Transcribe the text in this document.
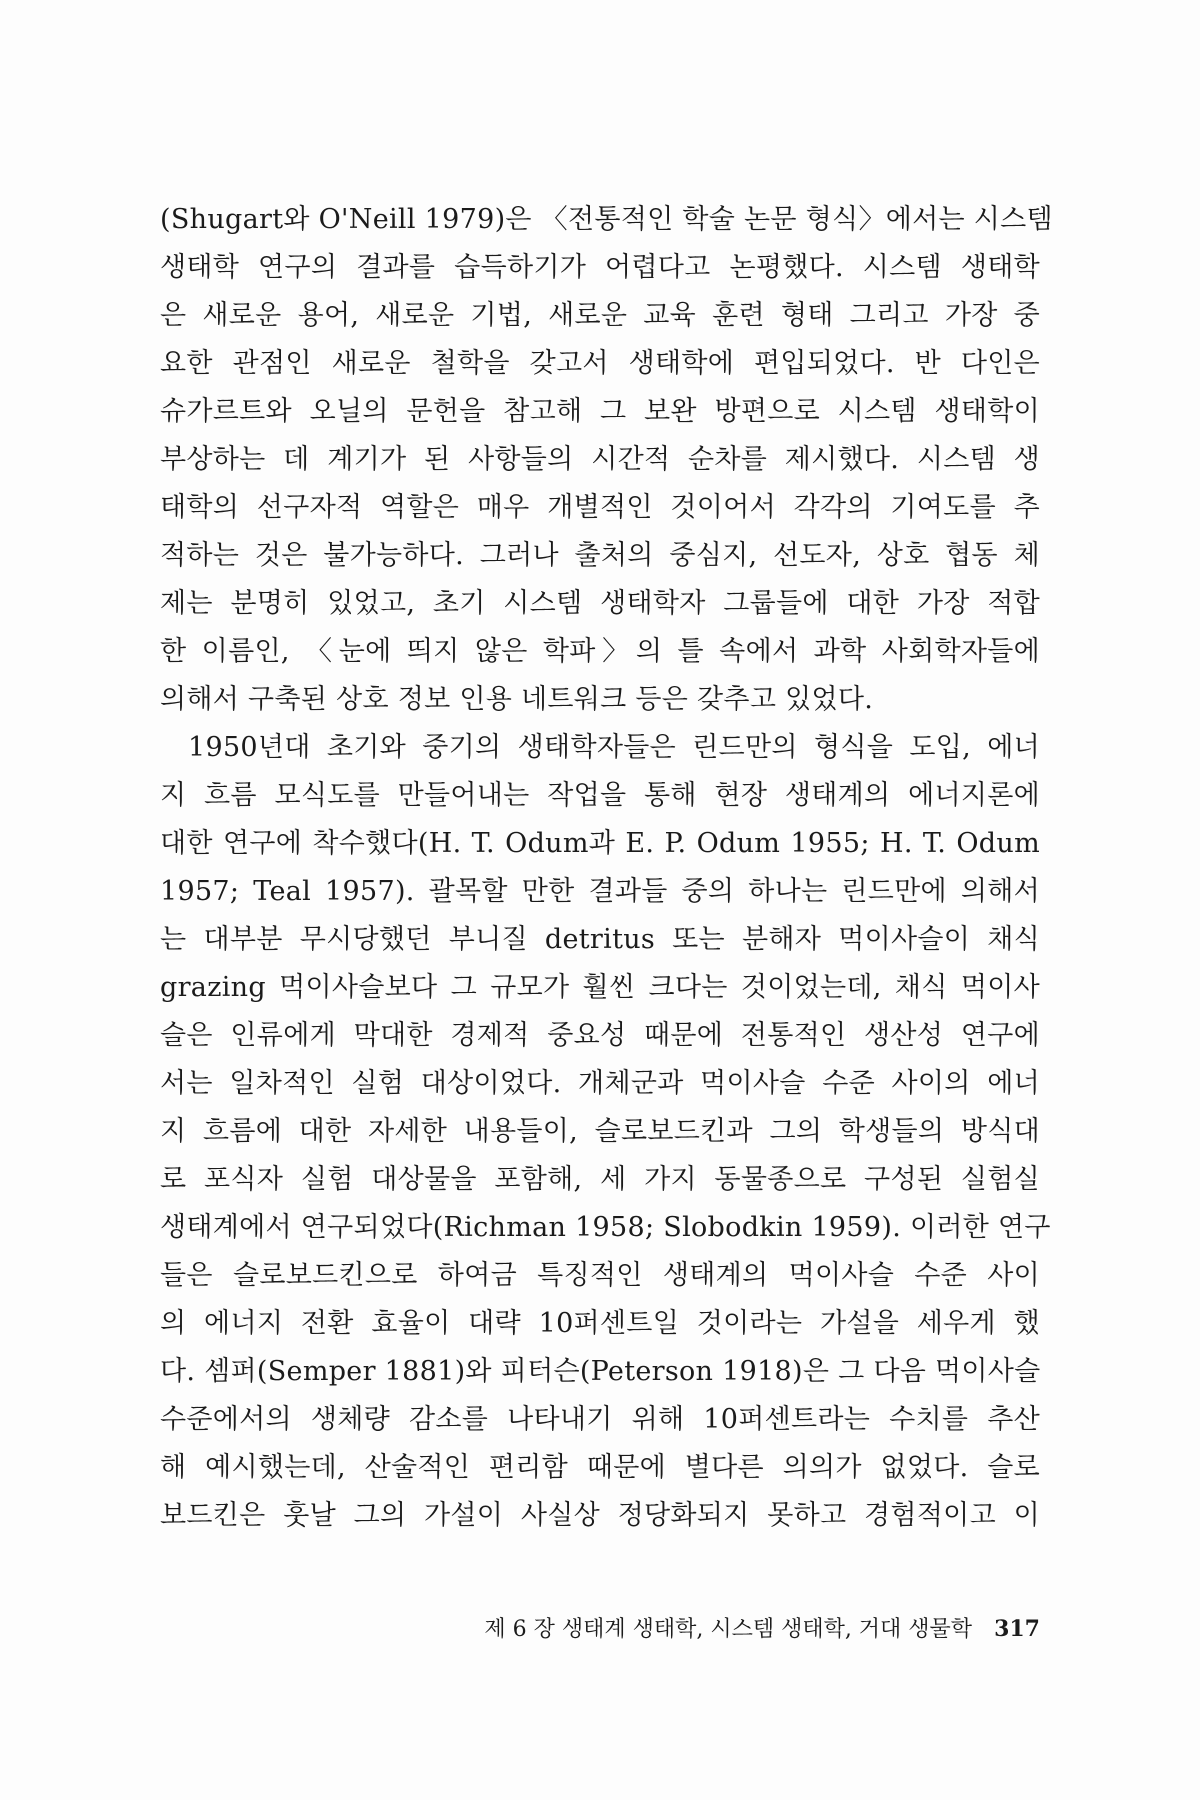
(Shugart와 O'Neill 1979)은 〈전통적인 학술 논문 형식〉에서는 시스템
생태학 연구의 결과를 습득하기가 어렵다고 논평했다. 시스템 생태학
은 새로운 용어, 새로운 기법, 새로운 교육 훈련 형태 그리고 가장 중
요한 관점인 새로운 철학을 갖고서 생태학에 편입되었다. 반 다인은
슈가르트와 오닐의 문헌을 참고해 그 보완 방편으로 시스템 생태학이
부상하는 데 계기가 된 사항들의 시간적 순차를 제시했다. 시스템 생
태학의 선구자적 역할은 매우 개별적인 것이어서 각각의 기여도를 추
적하는 것은 불가능하다. 그러나 출처의 중심지, 선도자, 상호 협동 체
제는 분명히 있었고, 초기 시스템 생태학자 그룹들에 대한 가장 적합
한 이름인, 〈눈에 띄지 않은 학파〉의 틀 속에서 과학 사회학자들에
의해서 구축된 상호 정보 인용 네트워크 등은 갖추고 있었다.
1950년대 초기와 중기의 생태학자들은 린드만의 형식을 도입, 에너
지 흐름 모식도를 만들어내는 작업을 통해 현장 생태계의 에너지론에
대한 연구에 착수했다(H. T. Odum과 E. P. Odum 1955; H. T. Odum
1957; Teal 1957). 괄목할 만한 결과들 중의 하나는 린드만에 의해서
는 대부분 무시당했던 부니질 detritus 또는 분해자 먹이사슬이 채식
grazing 먹이사슬보다 그 규모가 훨씬 크다는 것이었는데, 채식 먹이사
슬은 인류에게 막대한 경제적 중요성 때문에 전통적인 생산성 연구에
서는 일차적인 실험 대상이었다. 개체군과 먹이사슬 수준 사이의 에너
지 흐름에 대한 자세한 내용들이, 슬로보드킨과 그의 학생들의 방식대
로 포식자 실험 대상물을 포함해, 세 가지 동물종으로 구성된 실험실
생태계에서 연구되었다(Richman 1958; Slobodkin 1959). 이러한 연구
들은 슬로보드킨으로 하여금 특징적인 생태계의 먹이사슬 수준 사이
의 에너지 전환 효율이 대략 10퍼센트일 것이라는 가설을 세우게 했
다. 셈퍼(Semper 1881)와 피터슨(Peterson 1918)은 그 다음 먹이사슬
수준에서의 생체량 감소를 나타내기 위해 10퍼센트라는 수치를 추산
해 예시했는데, 산술적인 편리함 때문에 별다른 의의가 없었다. 슬로
보드킨은 훗날 그의 가설이 사실상 정당화되지 못하고 경험적이고 이
제 6 장 생태계 생태학, 시스템 생태학, 거대 생물학 317
